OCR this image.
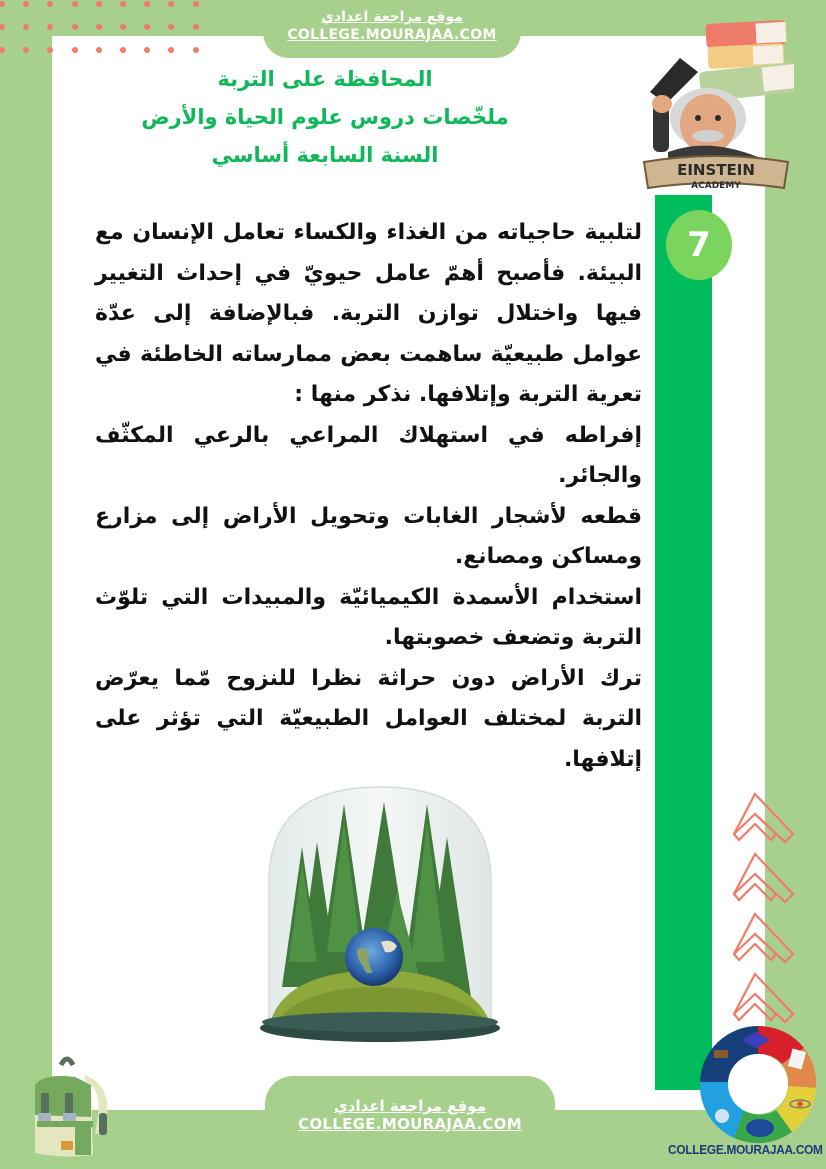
موقع مراجعة اعدادي
COLLEGE.MOURAJAA.COM
المحافظة على التربة
ملخّصات دروس علوم الحياة والأرض
السنة السابعة أساسي
EINSTEIN
ACADEMY
7

لتلبية حاجياته من الغذاء والكساء تعامل الإنسان مع البيئة. فأصبح أهمّ عامل حيويّ في إحداث التغيير فيها واختلال توازن التربة. فبالإضافة إلى عدّة عوامل طبيعيّة ساهمت بعض ممارساته الخاطئة في تعرية التربة وإتلافها. نذكر منها :

إفراطه في استهلاك المراعي بالرعي المكثّف والجائر.

قطعه لأشجار الغابات وتحويل الأراض إلى مزارع ومساكن ومصانع.

استخدام الأسمدة الكيميائيّة والمبيدات التي تلوّث التربة وتضعف خصوبتها.

ترك الأراض دون حراثة نظرا للنزوح مّما يعرّض التربة لمختلف العوامل الطبيعيّة التي تؤثر على إتلافها.

موقع مراجعة اعدادي
COLLEGE.MOURAJAA.COM
COLLEGE.MOURAJAA.COM
